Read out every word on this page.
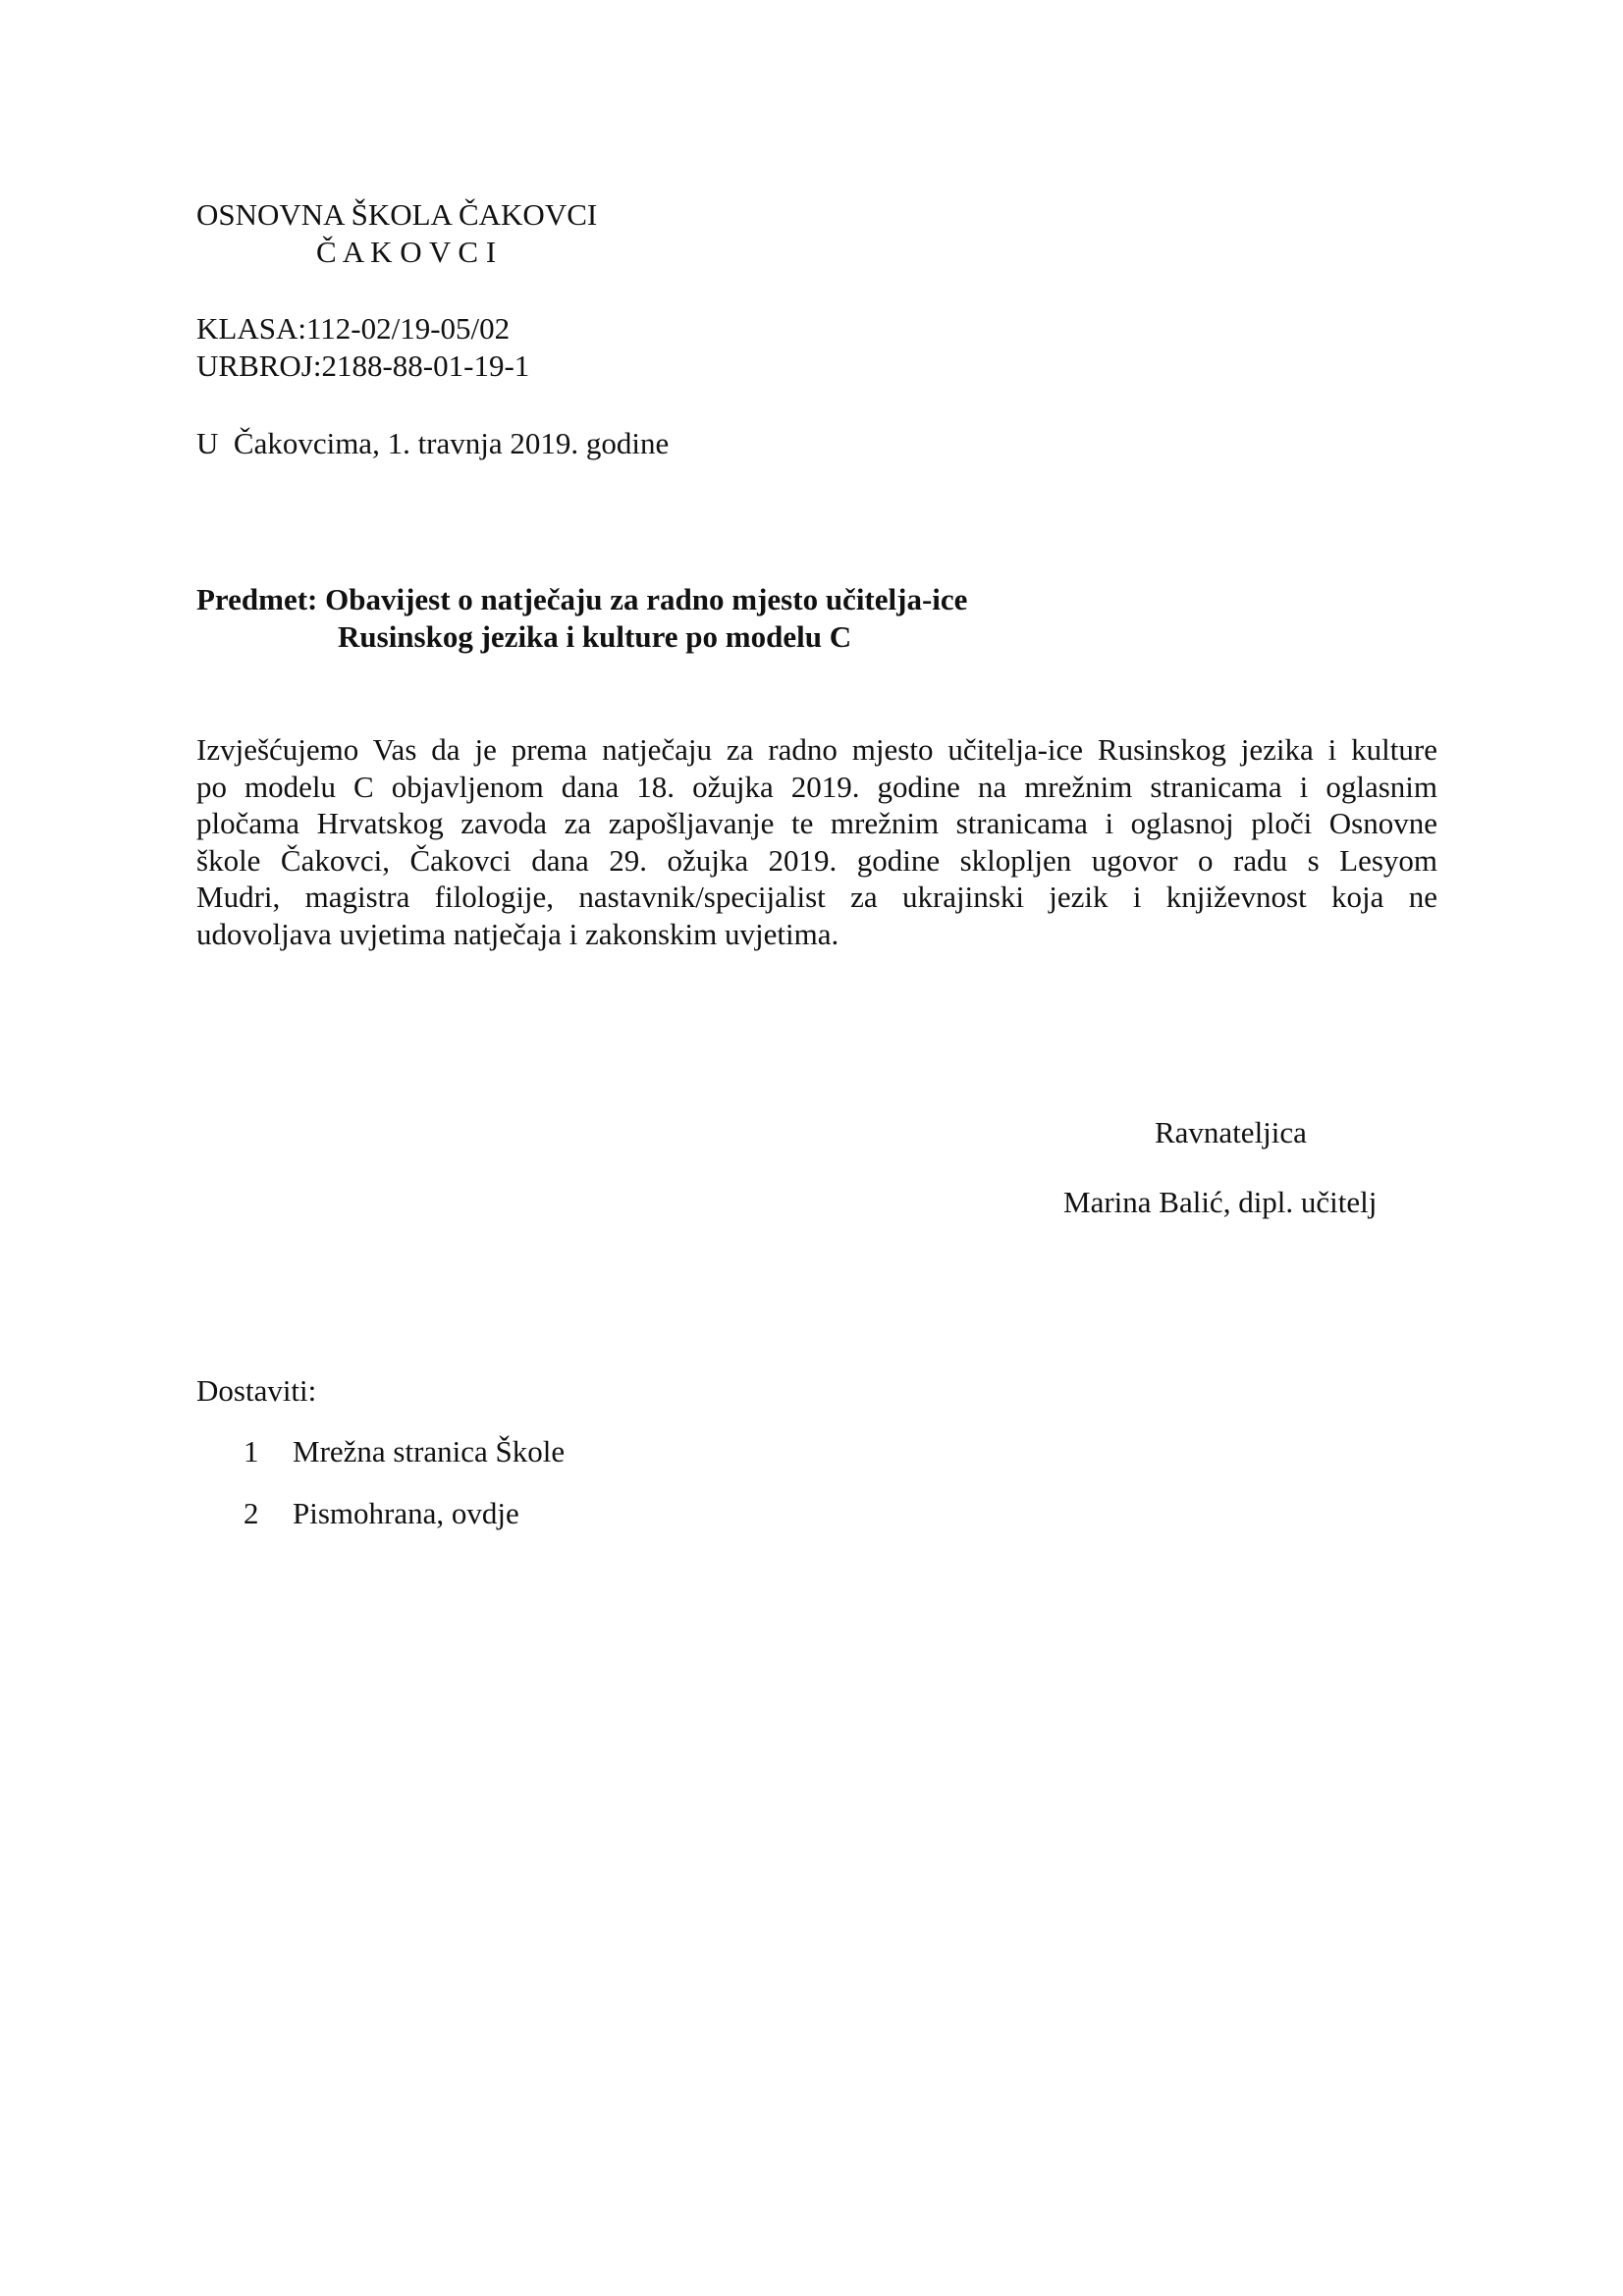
OSNOVNA ŠKOLA ČAKOVCI
Č A K O V C I
KLASA:112-02/19-05/02
URBROJ:2188-88-01-19-1
U  Čakovcima, 1. travnja 2019. godine
Predmet: Obavijest o natječaju za radno mjesto učitelja-ice
Rusinskog jezika i kulture po modelu C
Izvješćujemo Vas da je prema natječaju za radno mjesto učitelja-ice Rusinskog jezika i kulture
po modelu C objavljenom dana 18. ožujka 2019. godine na mrežnim stranicama i oglasnim
pločama Hrvatskog zavoda za zapošljavanje te mrežnim stranicama i oglasnoj ploči Osnovne
škole Čakovci, Čakovci dana 29. ožujka 2019. godine sklopljen ugovor o radu s Lesyom
Mudri, magistra filologije, nastavnik/specijalist za ukrajinski jezik i književnost koja ne
udovoljava uvjetima natječaja i zakonskim uvjetima.
Ravnateljica
Marina Balić, dipl. učitelj
Dostaviti:
1 Mrežna stranica Škole
2 Pismohrana, ovdje
